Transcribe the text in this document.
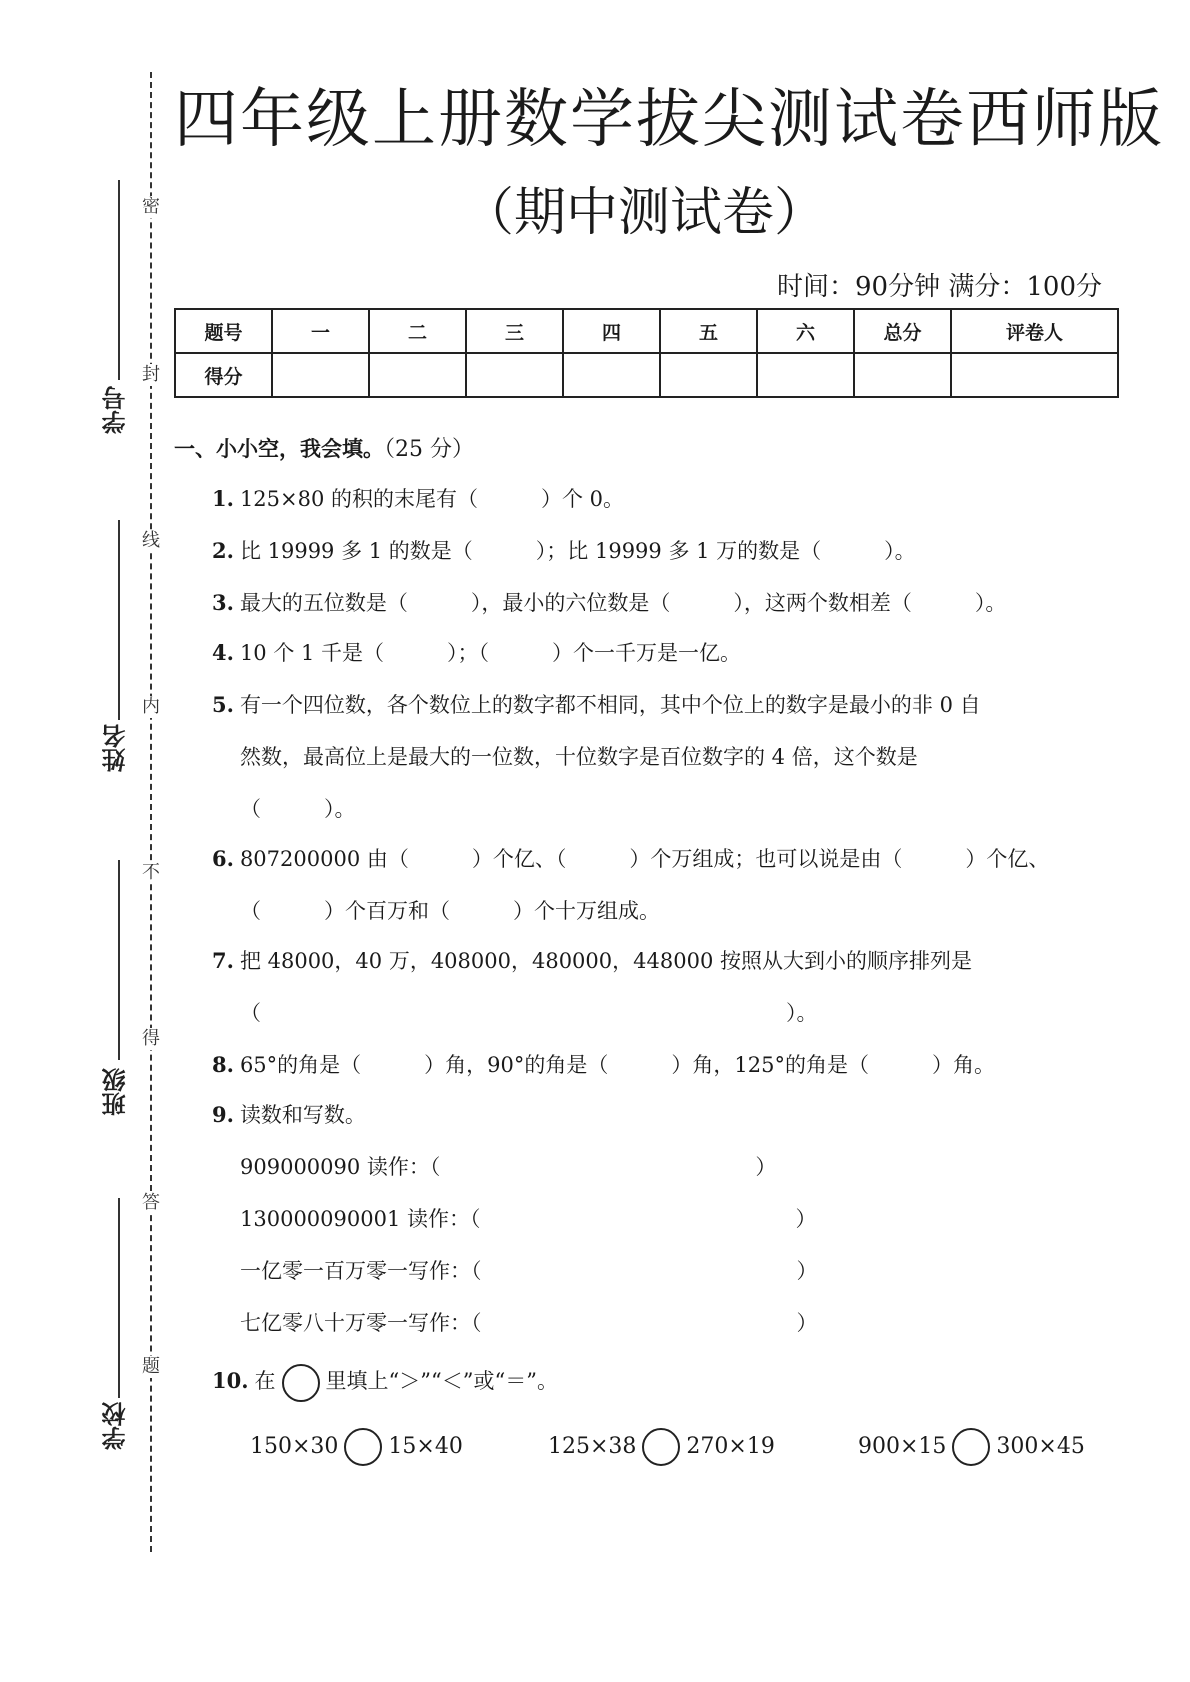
密
封
线
内
不
得
答
题
学号
姓名
班级
学校
四年级上册数学拔尖测试卷西师版
（期中测试卷）
时间：90分钟 满分：100分
题号	一	二	三	四	五	六	总分	评卷人
得分								
一、小小空，我会填。（25 分）
1. 125×80 的积的末尾有（　　　）个 0。
2. 比 19999 多 1 的数是（　　　）；比 19999 多 1 万的数是（　　　）。
3. 最大的五位数是（　　　），最小的六位数是（　　　），这两个数相差（　　　）。
4. 10 个 1 千是（　　　）；（　　　）个一千万是一亿。
5. 有一个四位数，各个数位上的数字都不相同，其中个位上的数字是最小的非 0 自
然数，最高位上是最大的一位数，十位数字是百位数字的 4 倍，这个数是
（　　　）。
6. 807200000 由（　　　）个亿、（　　　）个万组成；也可以说是由（　　　）个亿、
（　　　）个百万和（　　　）个十万组成。
7. 把 48000，40 万，408000，480000，448000 按照从大到小的顺序排列是
（　　　　　　　　　　　　　　　　　　　　　　　　　）。
8. 65°的角是（　　　）角，90°的角是（　　　）角，125°的角是（　　　）角。
9. 读数和写数。
909000090 读作：（　　　　　　　　　　　　　　　）
130000090001 读作：（　　　　　　　　　　　　　　　）
一亿零一百万零一写作：（　　　　　　　　　　　　　　　）
七亿零八十万零一写作：（　　　　　　　　　　　　　　　）
10. 在 里填上“＞”“＜”或“＝”。
150×30 15×40	125×38 270×19	900×15 300×45
